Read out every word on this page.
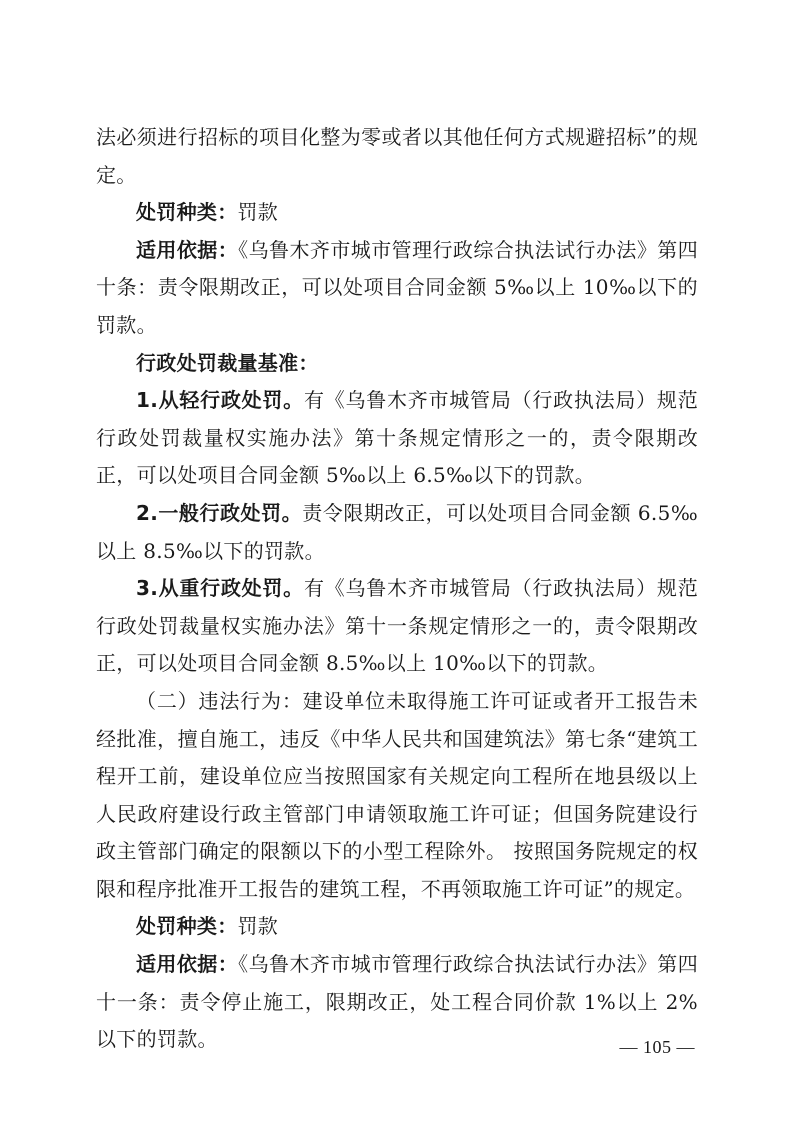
法必须进行招标的项目化整为零或者以其他任何方式规避招标”的规定。

处罚种类：罚款

适用依据：《乌鲁木齐市城市管理行政综合执法试行办法》第四十条：责令限期改正，可以处项目合同金额 5‰以上 10‰以下的罚款。

行政处罚裁量基准：

1.从轻行政处罚。有《乌鲁木齐市城管局（行政执法局）规范行政处罚裁量权实施办法》第十条规定情形之一的，责令限期改正，可以处项目合同金额 5‰以上 6.5‰以下的罚款。

2.一般行政处罚。责令限期改正，可以处项目合同金额 6.5‰以上 8.5‰以下的罚款。

3.从重行政处罚。有《乌鲁木齐市城管局（行政执法局）规范行政处罚裁量权实施办法》第十一条规定情形之一的，责令限期改正，可以处项目合同金额 8.5‰以上 10‰以下的罚款。

（二）违法行为：建设单位未取得施工许可证或者开工报告未经批准，擅自施工，违反《中华人民共和国建筑法》第七条“建筑工程开工前，建设单位应当按照国家有关规定向工程所在地县级以上人民政府建设行政主管部门申请领取施工许可证；但国务院建设行政主管部门确定的限额以下的小型工程除外。 按照国务院规定的权限和程序批准开工报告的建筑工程，不再领取施工许可证”的规定。

处罚种类：罚款

适用依据：《乌鲁木齐市城市管理行政综合执法试行办法》第四十一条：责令停止施工，限期改正，处工程合同价款 1%以上 2%以下的罚款。	— 105 —
